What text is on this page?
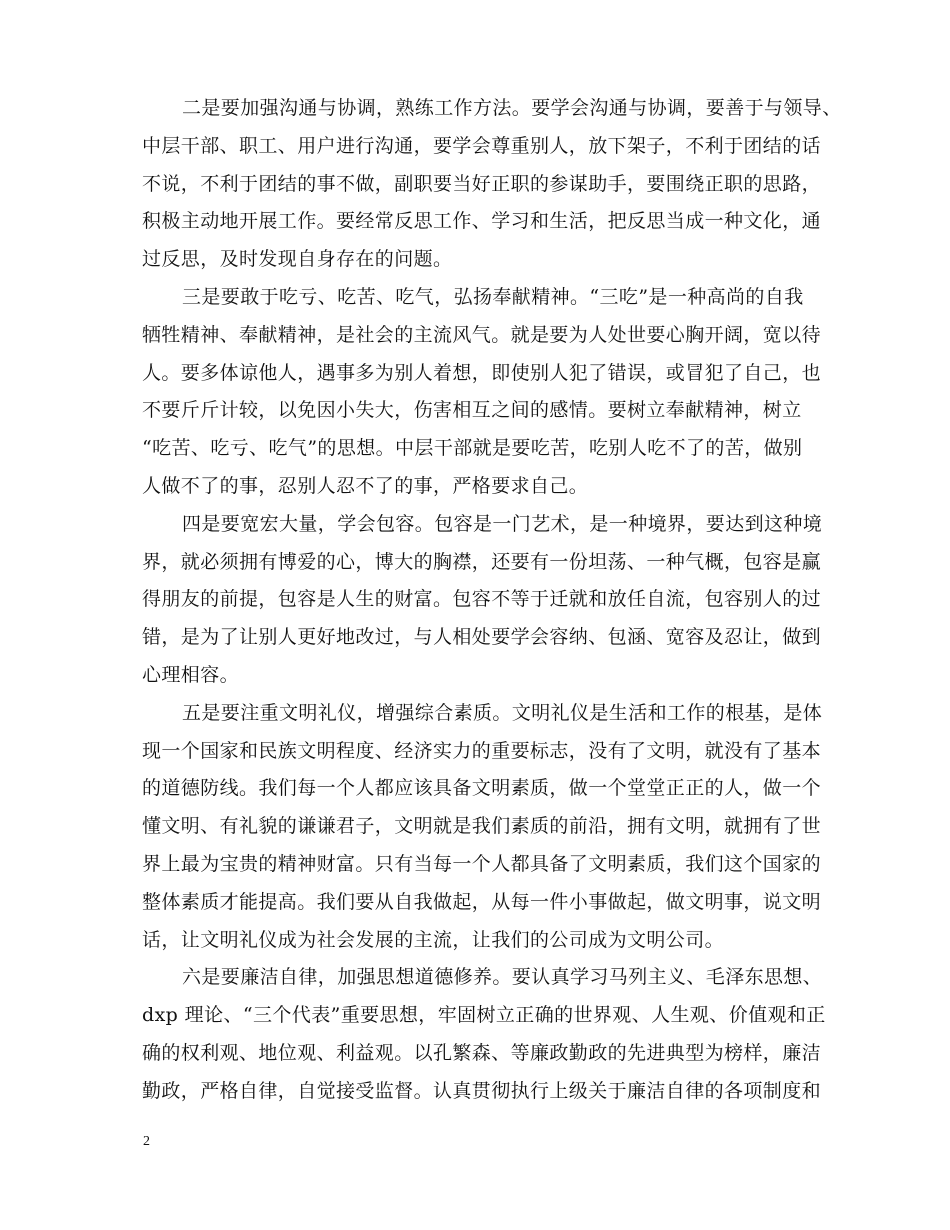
二是要加强沟通与协调，熟练工作方法。要学会沟通与协调，要善于与领导、
中层干部、职工、用户进行沟通，要学会尊重别人，放下架子，不利于团结的话
不说，不利于团结的事不做，副职要当好正职的参谋助手，要围绕正职的思路，
积极主动地开展工作。要经常反思工作、学习和生活，把反思当成一种文化，通
过反思，及时发现自身存在的问题。
三是要敢于吃亏、吃苦、吃气，弘扬奉献精神。“三吃”是一种高尚的自我
牺牲精神、奉献精神，是社会的主流风气。就是要为人处世要心胸开阔，宽以待
人。要多体谅他人，遇事多为别人着想，即使别人犯了错误，或冒犯了自己，也
不要斤斤计较，以免因小失大，伤害相互之间的感情。要树立奉献精神，树立
“吃苦、吃亏、吃气”的思想。中层干部就是要吃苦，吃别人吃不了的苦，做别
人做不了的事，忍别人忍不了的事，严格要求自己。
四是要宽宏大量，学会包容。包容是一门艺术，是一种境界，要达到这种境
界，就必须拥有博爱的心，博大的胸襟，还要有一份坦荡、一种气概，包容是赢
得朋友的前提，包容是人生的财富。包容不等于迁就和放任自流，包容别人的过
错，是为了让别人更好地改过，与人相处要学会容纳、包涵、宽容及忍让，做到
心理相容。
五是要注重文明礼仪，增强综合素质。文明礼仪是生活和工作的根基，是体
现一个国家和民族文明程度、经济实力的重要标志，没有了文明，就没有了基本
的道德防线。我们每一个人都应该具备文明素质，做一个堂堂正正的人，做一个
懂文明、有礼貌的谦谦君子，文明就是我们素质的前沿，拥有文明，就拥有了世
界上最为宝贵的精神财富。只有当每一个人都具备了文明素质，我们这个国家的
整体素质才能提高。我们要从自我做起，从每一件小事做起，做文明事，说文明
话，让文明礼仪成为社会发展的主流，让我们的公司成为文明公司。
六是要廉洁自律，加强思想道德修养。要认真学习马列主义、毛泽东思想、
dxp 理论、“三个代表”重要思想，牢固树立正确的世界观、人生观、价值观和正
确的权利观、地位观、利益观。以孔繁森、等廉政勤政的先进典型为榜样，廉洁
勤政，严格自律，自觉接受监督。认真贯彻执行上级关于廉洁自律的各项制度和
2
